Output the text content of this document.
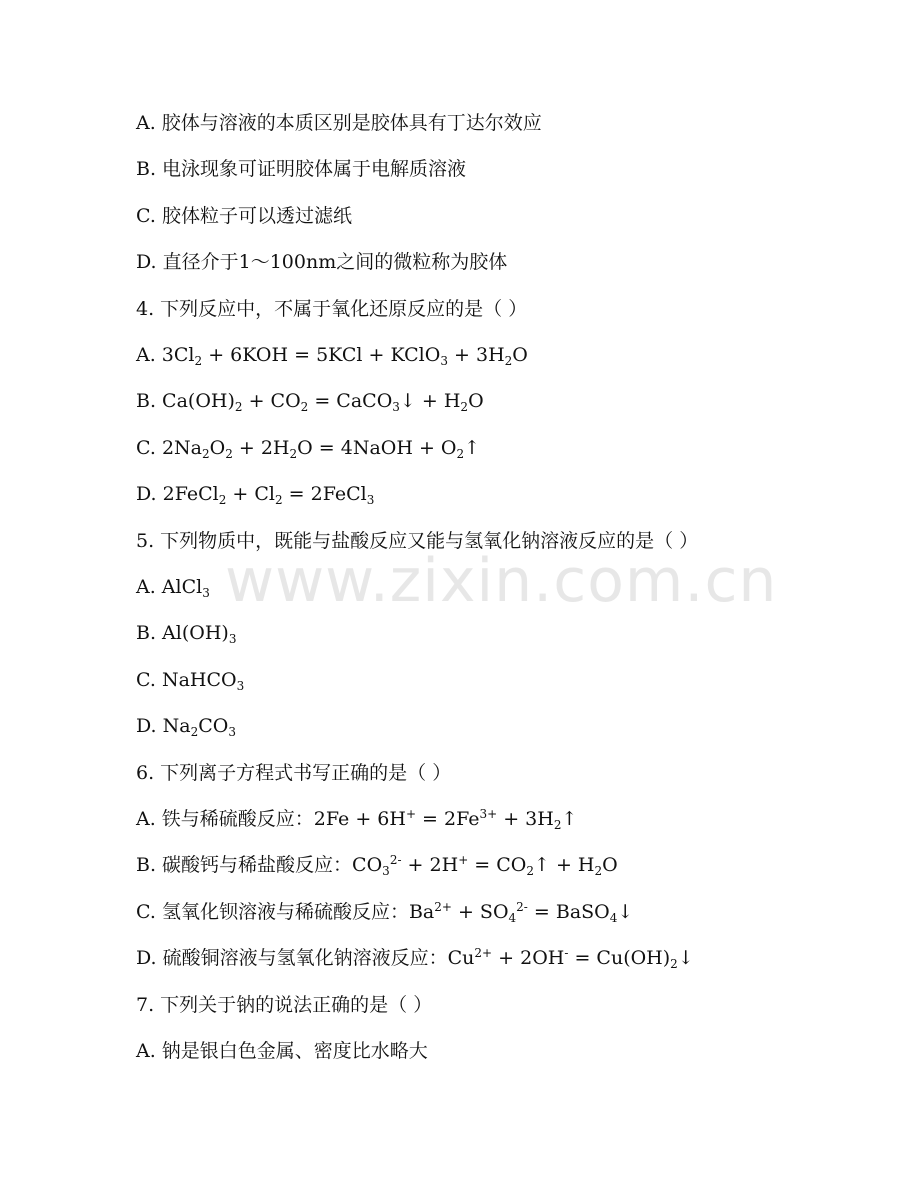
www.zixin.com.cn
A. 胶体与溶液的本质区别是胶体具有丁达尔效应
B. 电泳现象可证明胶体属于电解质溶液
C. 胶体粒子可以透过滤纸
D. 直径介于1～100nm之间的微粒称为胶体
4. 下列反应中，不属于氧化还原反应的是（ ）
A. $3Cl_2 + 6KOH = 5KCl$ + KClO$_3$ + $3H_2O$
B. $Ca(OH)_2 + CO_2$ = CaCO$_3$↓ + $H_2O$
C. $2Na_2O_2 + 2H_2O$ = 4NaOH + $O_2↑$
D. 2FeCl$_2$ + $Cl_2$ = 2FeCl$_3$
5. 下列物质中，既能与盐酸反应又能与氢氧化钠溶液反应的是（ ）
A. AlCl$_3$
B. $Al(OH)_3$
C. NaHCO$_3$
D. $Na_2CO_3$
6. 下列离子方程式书写正确的是（ ）
A. 铁与稀硫酸反应：$2Fe + 6H^+ = 2Fe^{3+}$ + $3H_2↑$
B. 碳酸钙与稀盐酸反应：$CO_3^{2-} + 2H^+$ = $CO_2↑ + H_2O$
C. 氢氧化钡溶液与稀硫酸反应：$Ba^{2+} + SO_4^{2-}$ = BaSO$_4$↓
D. 硫酸铜溶液与氢氧化钠溶液反应：$Cu^{2+} + 2OH^-$ = $Cu(OH)_2↓$
7. 下列关于钠的说法正确的是（ ）
A. 钠是银白色金属、密度比水略大
